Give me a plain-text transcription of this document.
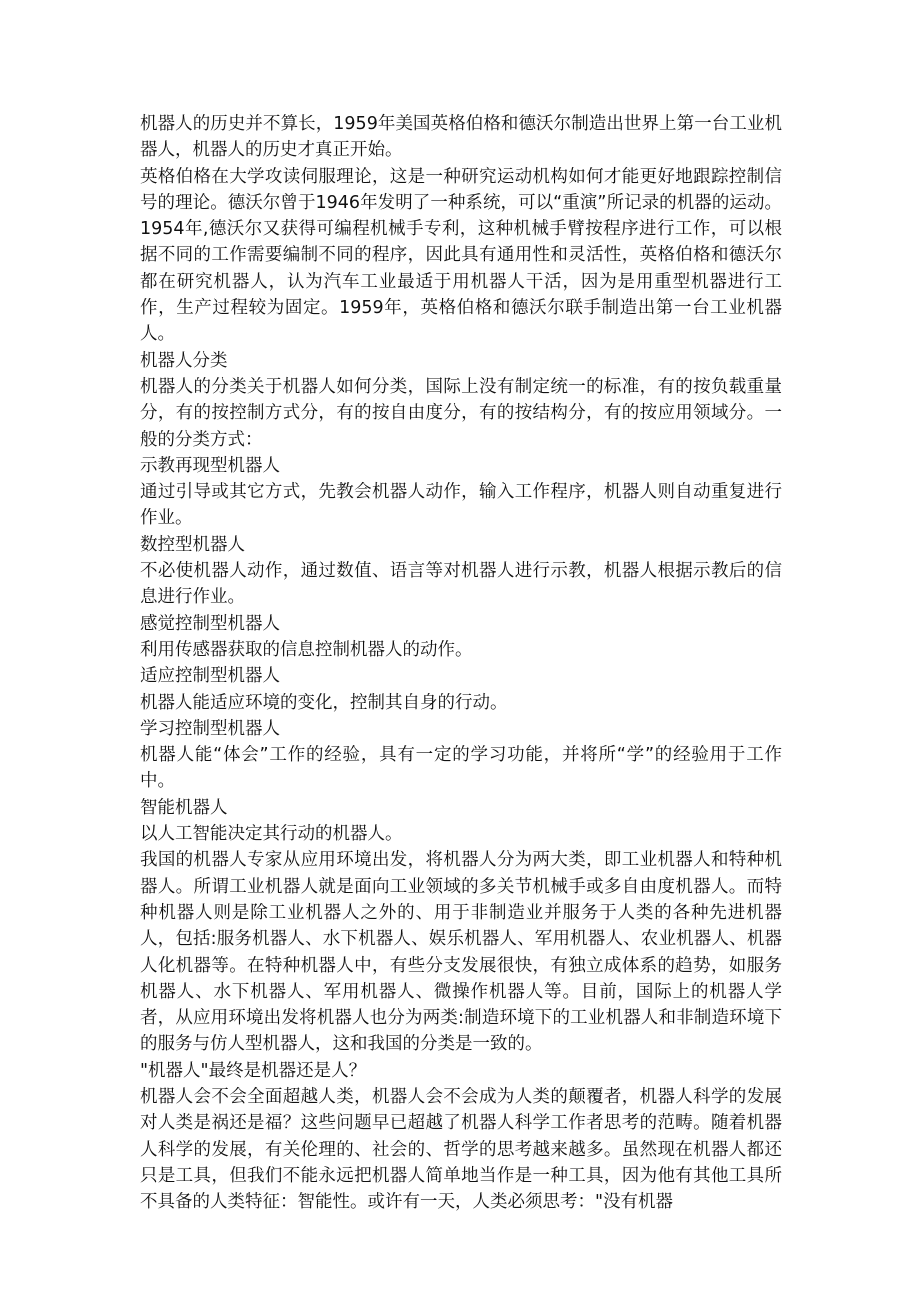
机器人的历史并不算长，1959年美国英格伯格和德沃尔制造出世界上第一台工业机器人，机器人的历史才真正开始。

英格伯格在大学攻读伺服理论，这是一种研究运动机构如何才能更好地跟踪控制信号的理论。德沃尔曾于1946年发明了一种系统，可以“重演”所记录的机器的运动。1954年,德沃尔又获得可编程机械手专利，这种机械手臂按程序进行工作，可以根据不同的工作需要编制不同的程序，因此具有通用性和灵活性，英格伯格和德沃尔都在研究机器人，认为汽车工业最适于用机器人干活，因为是用重型机器进行工作，生产过程较为固定。1959年，英格伯格和德沃尔联手制造出第一台工业机器人。

机器人分类

机器人的分类关于机器人如何分类，国际上没有制定统一的标准，有的按负载重量分，有的按控制方式分，有的按自由度分，有的按结构分，有的按应用领域分。一般的分类方式：

示教再现型机器人

通过引导或其它方式，先教会机器人动作，输入工作程序，机器人则自动重复进行作业。

数控型机器人

不必使机器人动作，通过数值、语言等对机器人进行示教，机器人根据示教后的信息进行作业。

感觉控制型机器人

利用传感器获取的信息控制机器人的动作。

适应控制型机器人

机器人能适应环境的变化，控制其自身的行动。

学习控制型机器人

机器人能“体会”工作的经验，具有一定的学习功能，并将所“学”的经验用于工作中。

智能机器人

以人工智能决定其行动的机器人。

我国的机器人专家从应用环境出发，将机器人分为两大类，即工业机器人和特种机器人。所谓工业机器人就是面向工业领域的多关节机械手或多自由度机器人。而特种机器人则是除工业机器人之外的、用于非制造业并服务于人类的各种先进机器人，包括:服务机器人、水下机器人、娱乐机器人、军用机器人、农业机器人、机器人化机器等。在特种机器人中，有些分支发展很快，有独立成体系的趋势，如服务机器人、水下机器人、军用机器人、微操作机器人等。目前，国际上的机器人学者，从应用环境出发将机器人也分为两类:制造环境下的工业机器人和非制造环境下的服务与仿人型机器人，这和我国的分类是一致的。

"机器人"最终是机器还是人？

机器人会不会全面超越人类，机器人会不会成为人类的颠覆者，机器人科学的发展对人类是祸还是福？这些问题早已超越了机器人科学工作者思考的范畴。随着机器人科学的发展，有关伦理的、社会的、哲学的思考越来越多。虽然现在机器人都还只是工具，但我们不能永远把机器人简单地当作是一种工具，因为他有其他工具所不具备的人类特征：智能性。或许有一天，人类必须思考："没有机器
